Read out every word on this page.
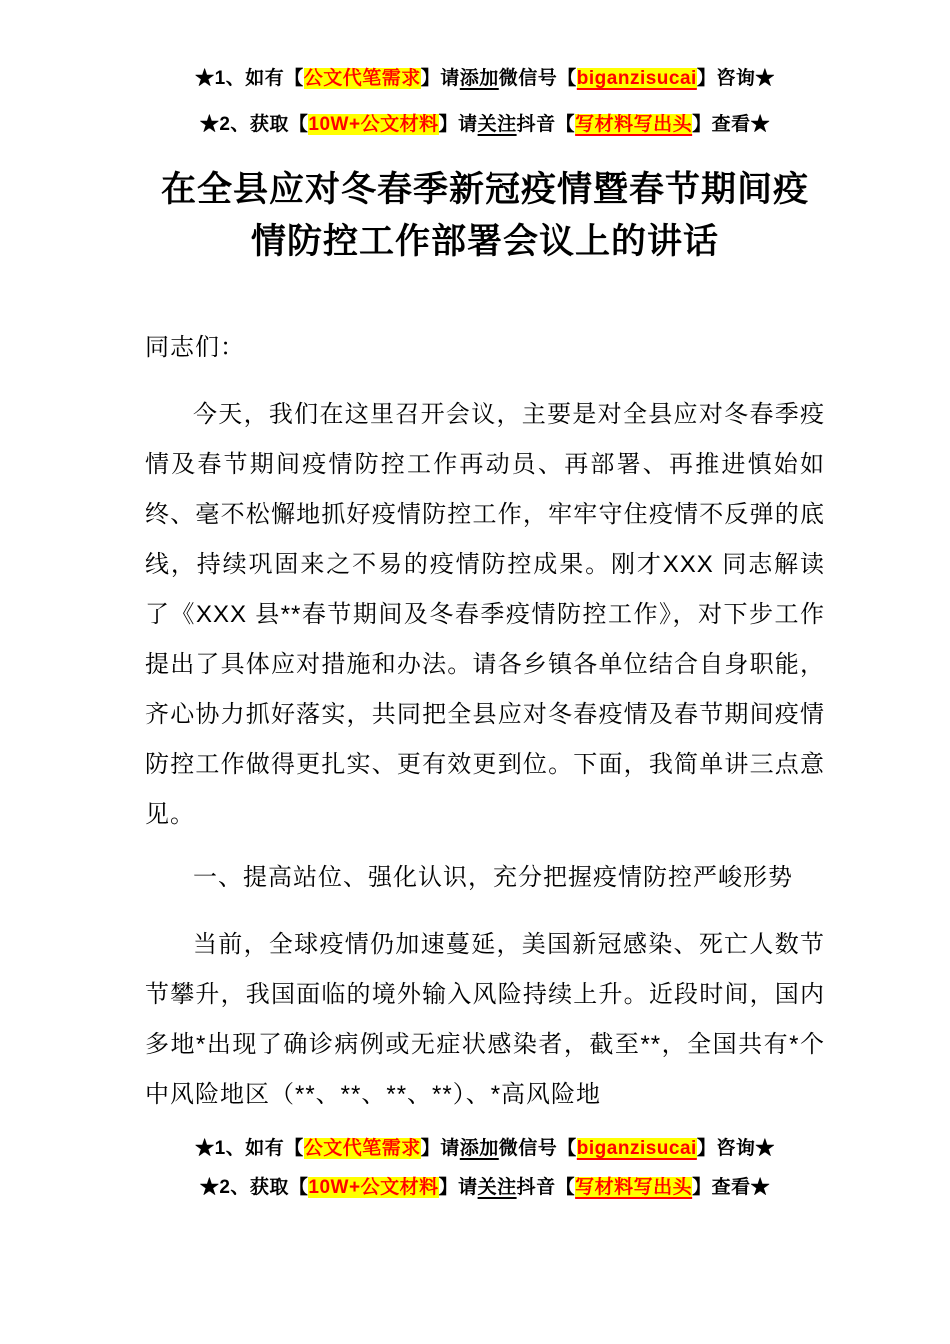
★1、如有【公文代笔需求】请添加微信号【biganzisucai】咨询★
★2、获取【10W+公文材料】请关注抖音【写材料写出头】查看★
在全县应对冬春季新冠疫情暨春节期间疫情防控工作部署会议上的讲话

同志们：

今天，我们在这里召开会议，主要是对全县应对冬春季疫情及春节期间疫情防控工作再动员、再部署、再推进慎始如终、毫不松懈地抓好疫情防控工作，牢牢守住疫情不反弹的底线，持续巩固来之不易的疫情防控成果。刚才XXX 同志解读了《XXX 县**春节期间及冬春季疫情防控工作》，对下步工作提出了具体应对措施和办法。请各乡镇各单位结合自身职能，齐心协力抓好落实，共同把全县应对冬春疫情及春节期间疫情防控工作做得更扎实、更有效更到位。下面，我简单讲三点意见。

一、提高站位、强化认识，充分把握疫情防控严峻形势

当前，全球疫情仍加速蔓延，美国新冠感染、死亡人数节节攀升，我国面临的境外输入风险持续上升。近段时间，国内多地*出现了确诊病例或无症状感染者，截至**，全国共有*个中风险地区（**、**、**、**）、*高风险地

★1、如有【公文代笔需求】请添加微信号【biganzisucai】咨询★
★2、获取【10W+公文材料】请关注抖音【写材料写出头】查看★
